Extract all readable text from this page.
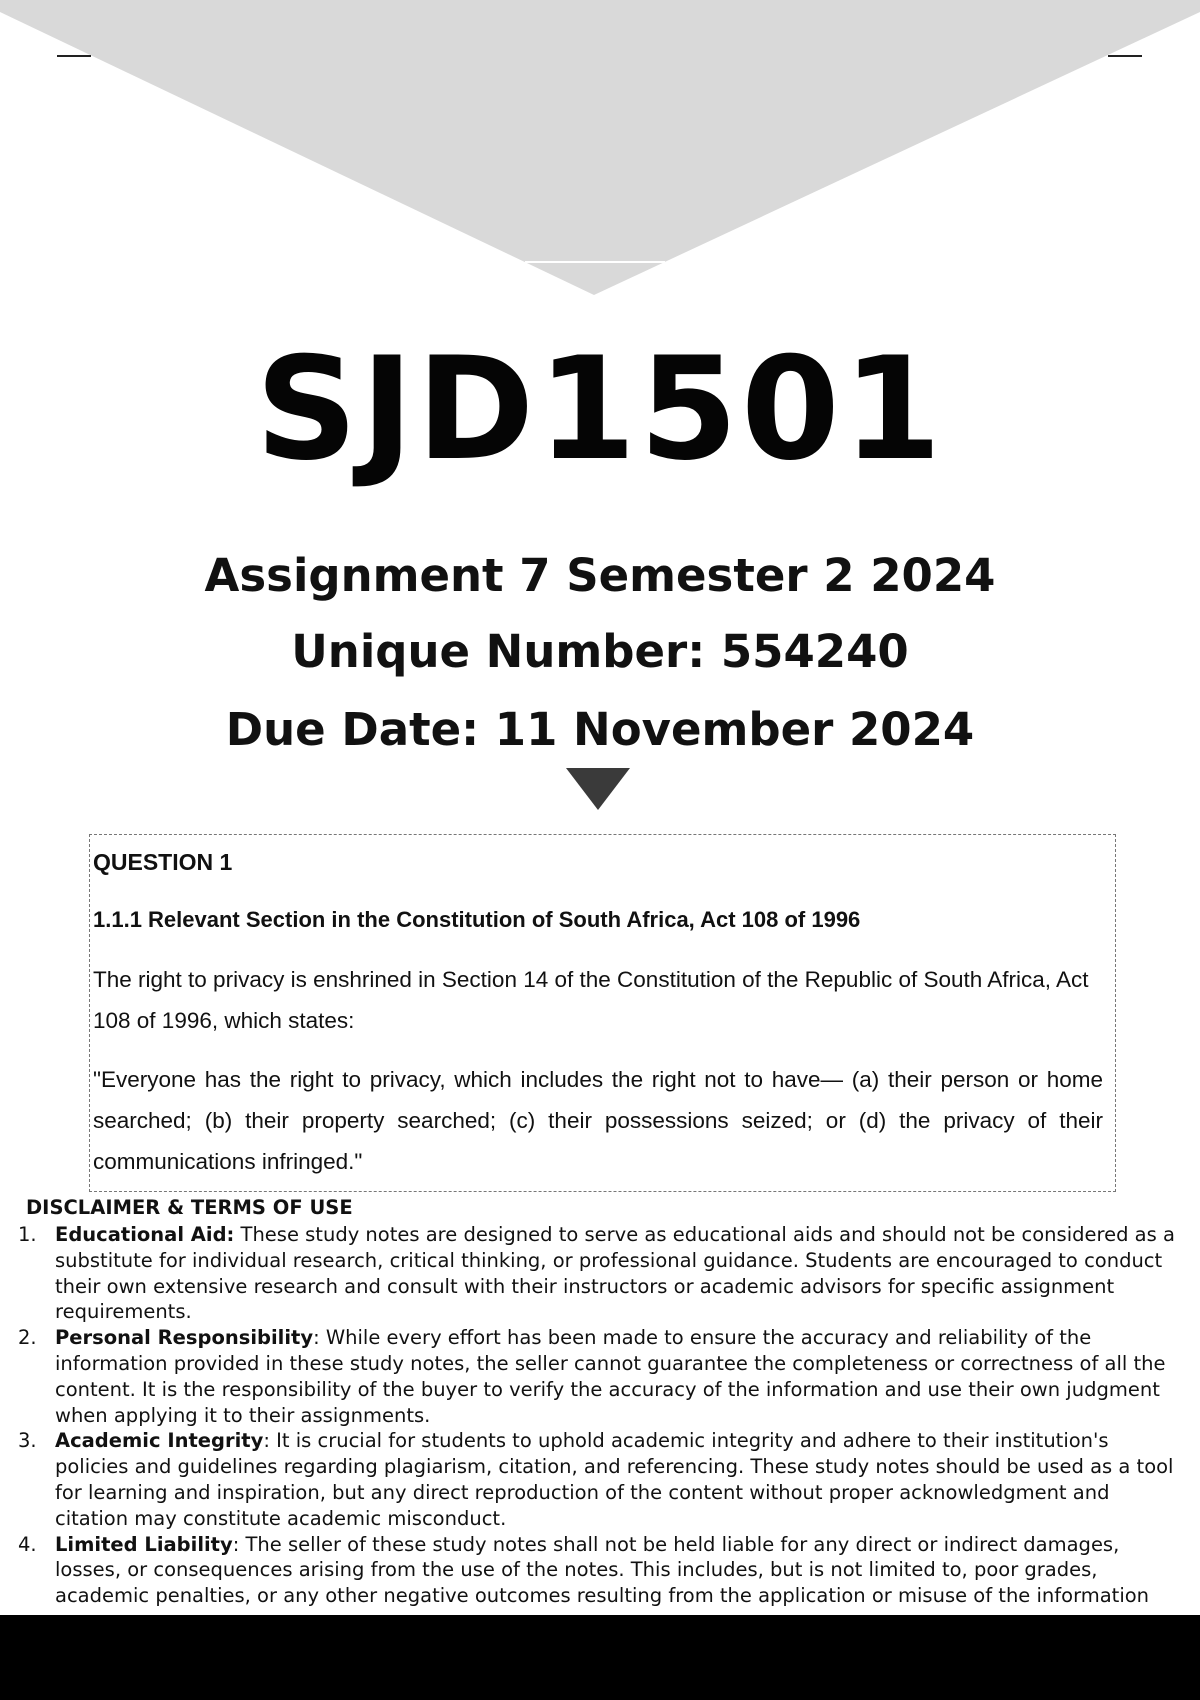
SJD1501
Assignment 7 Semester 2 2024
Unique Number: 554240
Due Date: 11 November 2024

QUESTION 1

1.1.1 Relevant Section in the Constitution of South Africa, Act 108 of 1996

The right to privacy is enshrined in Section 14 of the Constitution of the Republic of South Africa, Act 108 of 1996, which states:

"Everyone has the right to privacy, which includes the right not to have— (a) their person or home searched; (b) their property searched; (c) their possessions seized; or (d) the privacy of their communications infringed."

DISCLAIMER & TERMS OF USE

1. Educational Aid: These study notes are designed to serve as educational aids and should not be considered as a substitute for individual research, critical thinking, or professional guidance. Students are encouraged to conduct their own extensive research and consult with their instructors or academic advisors for specific assignment requirements.
2. Personal Responsibility: While every effort has been made to ensure the accuracy and reliability of the information provided in these study notes, the seller cannot guarantee the completeness or correctness of all the content. It is the responsibility of the buyer to verify the accuracy of the information and use their own judgment when applying it to their assignments.
3. Academic Integrity: It is crucial for students to uphold academic integrity and adhere to their institution's policies and guidelines regarding plagiarism, citation, and referencing. These study notes should be used as a tool for learning and inspiration, but any direct reproduction of the content without proper acknowledgment and citation may constitute academic misconduct.
4. Limited Liability: The seller of these study notes shall not be held liable for any direct or indirect damages, losses, or consequences arising from the use of the notes. This includes, but is not limited to, poor grades, academic penalties, or any other negative outcomes resulting from the application or misuse of the information
